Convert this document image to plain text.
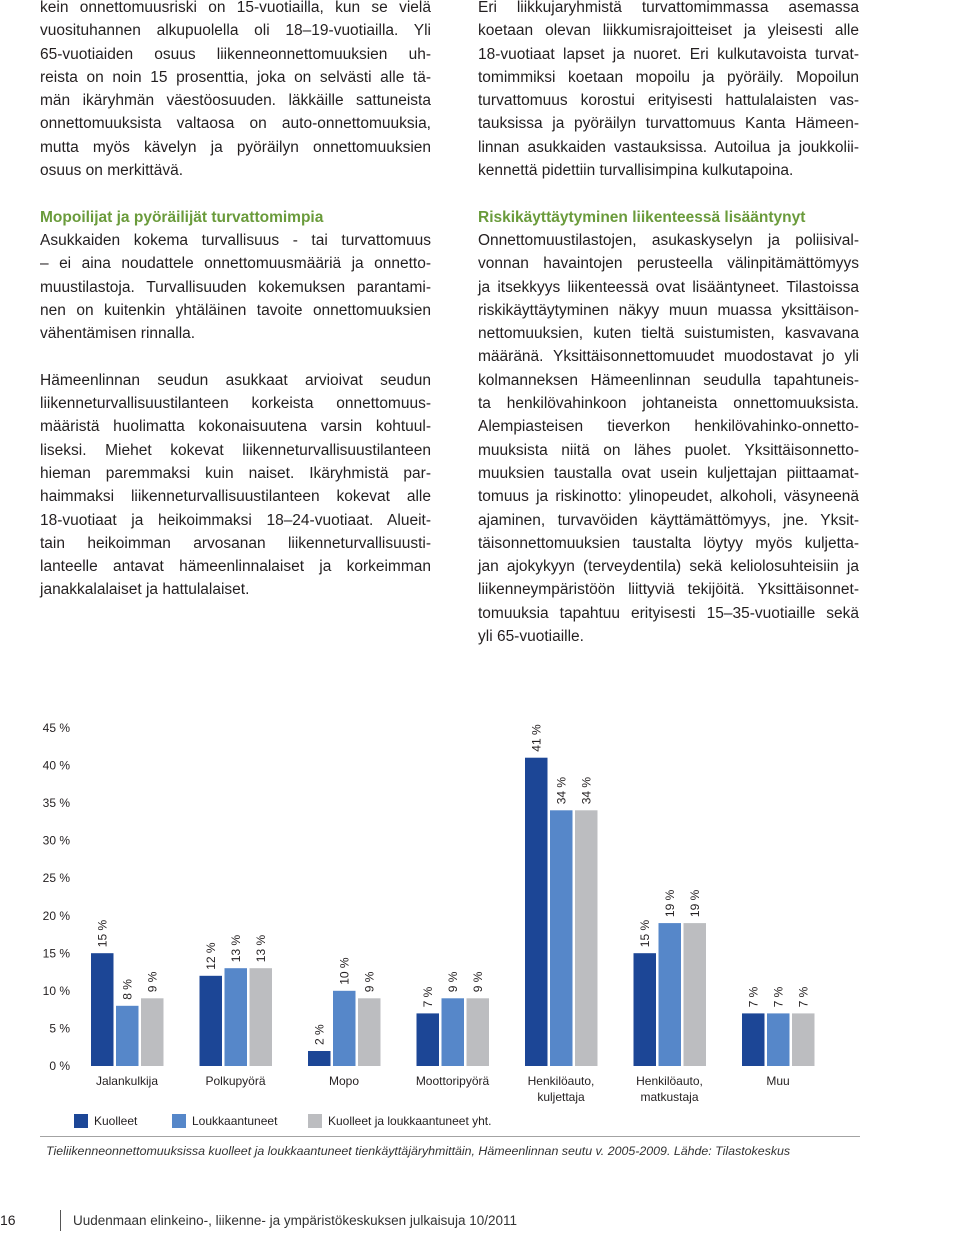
kein onnettomuusriski on 15-vuotiailla, kun se vielä
vuosituhannen alkupuolella oli 18–19-vuotiailla. Yli
65-vuotiaiden osuus liikenneonnettomuuksien uh-
reista on noin 15 prosenttia, joka on selvästi alle tä-
män ikäryhmän väestöosuuden. läkkäille sattuneista
onnettomuuksista valtaosa on auto-onnettomuuksia,
mutta myös kävelyn ja pyöräilyn onnettomuuksien
osuus on merkittävä.
Mopoilijat ja pyöräilijät turvattomimpia
Asukkaiden kokema turvallisuus - tai turvattomuus
– ei aina noudattele onnettomuusmääriä ja onnetto-
muustilastoja. Turvallisuuden kokemuksen parantami-
nen on kuitenkin yhtäläinen tavoite onnettomuuksien
vähentämisen rinnalla.
Hämeenlinnan seudun asukkaat arvioivat seudun
liikenneturvallisuustilanteen korkeista onnettomuus-
määristä huolimatta kokonaisuutena varsin kohtuul-
liseksi. Miehet kokevat liikenneturvallisuustilanteen
hieman paremmaksi kuin naiset. Ikäryhmistä par-
haimmaksi liikenneturvallisuustilanteen kokevat alle
18-vuotiaat ja heikoimmaksi 18–24-vuotiaat. Alueit-
tain heikoimman arvosanan liikenneturvallisuusti-
lanteelle antavat hämeenlinnalaiset ja korkeimman
janakkalalaiset ja hattulalaiset.
Eri liikkujaryhmistä turvattomimmassa asemassa
koetaan olevan liikkumisrajoitteiset ja yleisesti alle
18-vuotiaat lapset ja nuoret. Eri kulkutavoista turvat-
tomimmiksi koetaan mopoilu ja pyöräily. Mopoilun
turvattomuus korostui erityisesti hattulalaisten vas-
tauksissa ja pyöräilyn turvattomuus Kanta Hämeen-
linnan asukkaiden vastauksissa. Autoilua ja joukkolii-
kennettä pidettiin turvallisimpina kulkutapoina.
Riskikäyttäytyminen liikenteessä lisääntynyt
Onnettomuustilastojen, asukaskyselyn ja poliisival-
vonnan havaintojen perusteella välinpitämättömyys
ja itsekkyys liikenteessä ovat lisääntyneet. Tilastoissa
riskikäyttäytyminen näkyy muun muassa yksittäison-
nettomuuksien, kuten tieltä suistumisten, kasvavana
määränä. Yksittäisonnettomuudet muodostavat jo yli
kolmanneksen Hämeenlinnan seudulla tapahtuneis-
ta henkilövahinkoon johtaneista onnettomuuksista.
Alempiasteisen tieverkon henkilövahinko-onnetto-
muuksista niitä on lähes puolet. Yksittäisonnetto-
muuksien taustalla ovat usein kuljettajan piittaamat-
tomuus ja riskinotto: ylinopeudet, alkoholi, väsyneenä
ajaminen, turvavöiden käyttämättömyys, jne. Yksit-
täisonnettomuuksien taustalta löytyy myös kuljetta-
jan ajokykyyn (terveydentila) sekä keliolosuhteisiin ja
liikenneympäristöön liittyviä tekijöitä. Yksittäisonnet-
tomuuksia tapahtuu erityisesti 15–35-vuotiaille sekä
yli 65-vuotiaille.
0 %
5 %
10 %
15 %
20 %
25 %
30 %
35 %
40 %
45 %
15 %
8 % 9 %
Jalankulkija
12 % 13 %
13 %
Polkupyörä
2 %
10 %
9 %
Mopo
7 % 9 %
9 %
Moottoripyörä
41 %
34 %
34 %
Henkilöauto, kuljettaja
15 %
19 %
19 %
Henkilöauto, matkustaja
7 %
7 %
7 %
Muu
Kuolleet	Loukkaantuneet	Kuolleet ja loukkaantuneet yht.
Tieliikenneonnettomuuksissa kuolleet ja loukkaantuneet tienkäyttäjäryhmittäin, Hämeenlinnan seutu v. 2005-2009. Lähde: Tilastokeskus
16	Uudenmaan elinkeino-, liikenne- ja ympäristökeskuksen julkaisuja 10/2011
